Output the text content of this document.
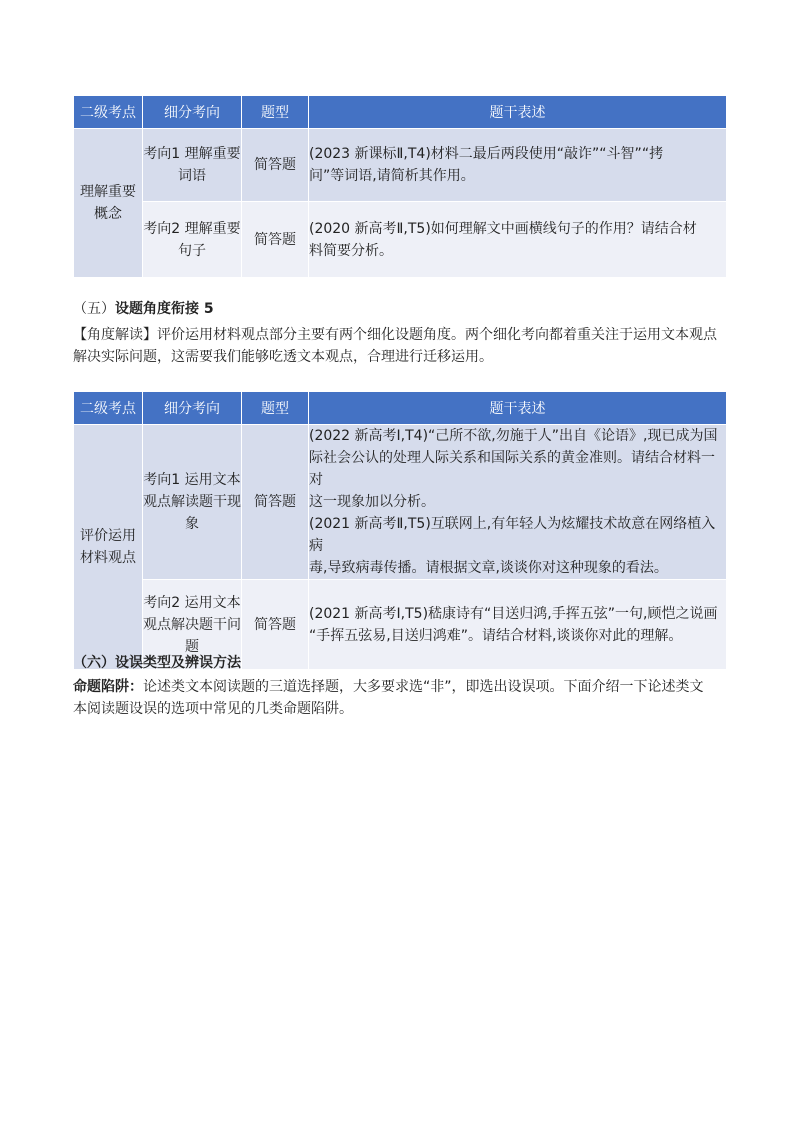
二级考点	细分考向	题型	题干表述
理解重要概念	考向1 理解重要词语	简答题	(2023 新课标Ⅱ,T4)材料二最后两段使用“敲诈”“斗智”“拷
问”等词语,请简析其作用。

	考向2 理解重要句子	简答题	(2020 新高考Ⅱ,T5)如何理解文中画横线句子的作用？请结合材
料简要分析。

（五）设题角度衔接 5

【角度解读】评价运用材料观点部分主要有两个细化设题角度。两个细化考向都着重关注于运用文本观点
解决实际问题，这需要我们能够吃透文本观点，合理进行迁移运用。

二级考点	细分考向	题型	题干表述
评价运用材料观点	考向1 运用文本观点解读题干现象	简答题	(2022 新高考Ⅰ,T4)“己所不欲,勿施于人”出自《论语》,现已成为国
际社会公认的处理人际关系和国际关系的黄金准则。请结合材料一对
这一现象加以分析。
(2021 新高考Ⅱ,T5)互联网上,有年轻人为炫耀技术故意在网络植入病
毒,导致病毒传播。请根据文章,谈谈你对这种现象的看法。

	考向2 运用文本观点解决题干问题	简答题	(2021 新高考Ⅰ,T5)嵇康诗有“目送归鸿,手挥五弦”一句,顾恺之说画
“手挥五弦易,目送归鸿难”。请结合材料,谈谈你对此的理解。

（六）设误类型及辨误方法

命题陷阱：论述类文本阅读题的三道选择题，大多要求选“非”，即选出设误项。下面介绍一下论述类文
本阅读题设误的选项中常见的几类命题陷阱。
